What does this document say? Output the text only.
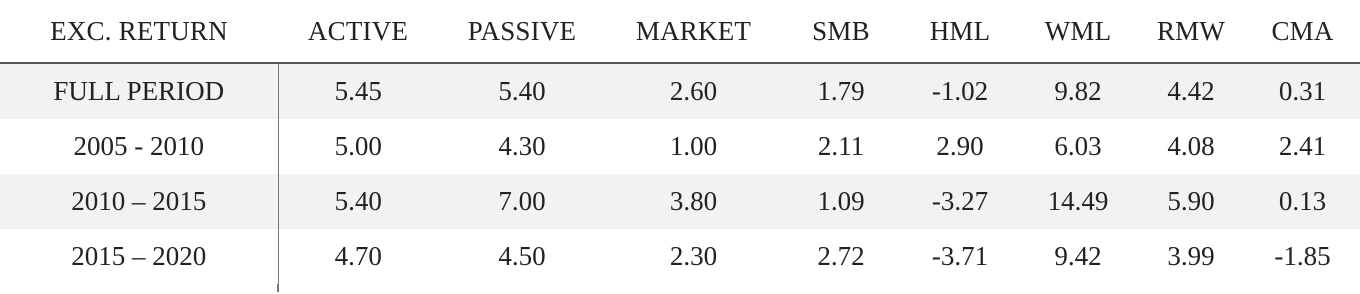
EXC. RETURN	ACTIVE	PASSIVE	MARKET	SMB	HML	WML	RMW	CMA
FULL PERIOD	5.45	5.40	2.60	1.79	-1.02	9.82	4.42	0.31
2005 - 2010	5.00	4.30	1.00	2.11	2.90	6.03	4.08	2.41
2010 – 2015	5.40	7.00	3.80	1.09	-3.27	14.49	5.90	0.13
2015 – 2020	4.70	4.50	2.30	2.72	-3.71	9.42	3.99	-1.85
